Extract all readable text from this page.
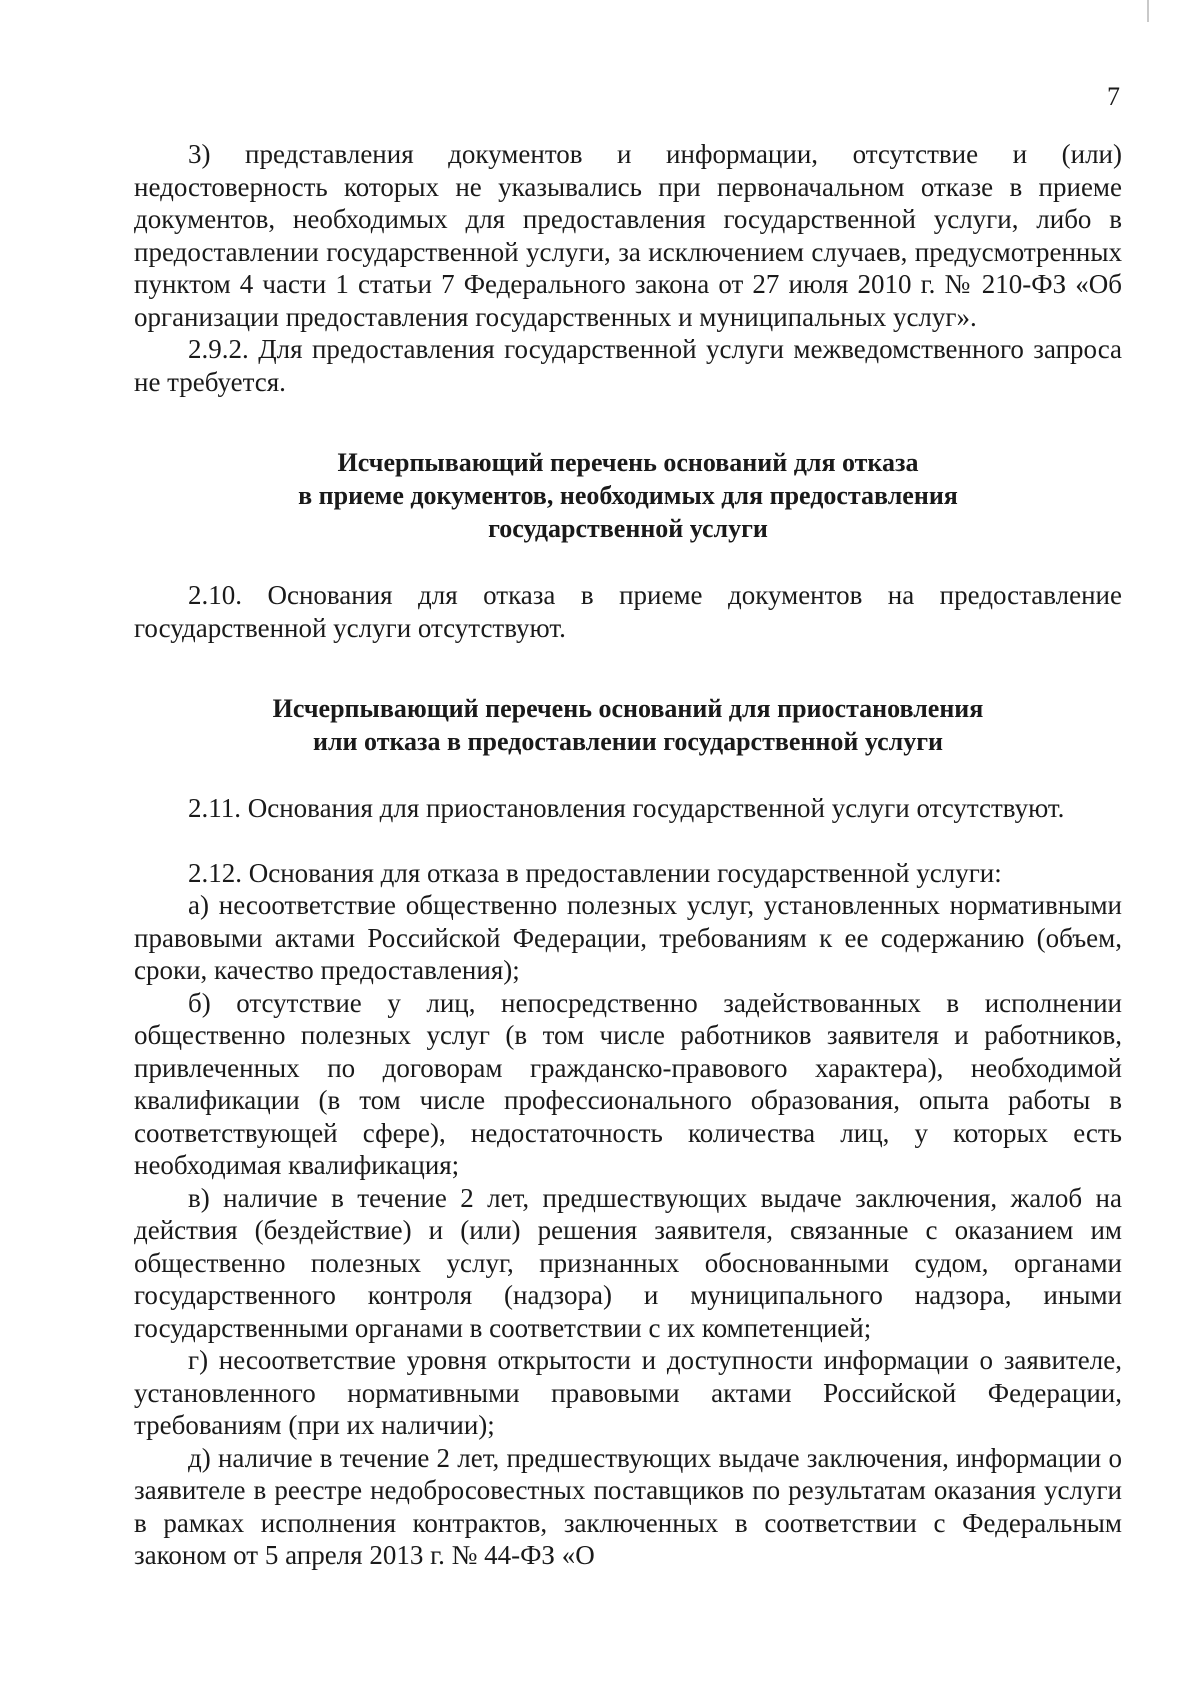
7

3) представления документов и информации, отсутствие и (или) недостоверность которых не указывались при первоначальном отказе в приеме документов, необходимых для предоставления государственной услуги, либо в предоставлении государственной услуги, за исключением случаев, предусмотренных пунктом 4 части 1 статьи 7 Федерального закона от 27 июля 2010 г. № 210-ФЗ «Об организации предоставления государственных и муниципальных услуг».

2.9.2. Для предоставления государственной услуги межведомственного запроса не требуется.

Исчерпывающий перечень оснований для отказа
в приеме документов, необходимых для предоставления
государственной услуги

2.10. Основания для отказа в приеме документов на предоставление государственной услуги отсутствуют.

Исчерпывающий перечень оснований для приостановления
или отказа в предоставлении государственной услуги

2.11. Основания для приостановления государственной услуги отсутствуют.

2.12. Основания для отказа в предоставлении государственной услуги:

а) несоответствие общественно полезных услуг, установленных нормативными правовыми актами Российской Федерации, требованиям к ее содержанию (объем, сроки, качество предоставления);

б) отсутствие у лиц, непосредственно задействованных в исполнении общественно полезных услуг (в том числе работников заявителя и работников, привлеченных по договорам гражданско-правового характера), необходимой квалификации (в том числе профессионального образования, опыта работы в соответствующей сфере), недостаточность количества лиц, у которых есть необходимая квалификация;

в) наличие в течение 2 лет, предшествующих выдаче заключения, жалоб на действия (бездействие) и (или) решения заявителя, связанные с оказанием им общественно полезных услуг, признанных обоснованными судом, органами государственного контроля (надзора) и муниципального надзора, иными государственными органами в соответствии с их компетенцией;

г) несоответствие уровня открытости и доступности информации о заявителе, установленного нормативными правовыми актами Российской Федерации, требованиям (при их наличии);

д) наличие в течение 2 лет, предшествующих выдаче заключения, информации о заявителе в реестре недобросовестных поставщиков по результатам оказания услуги в рамках исполнения контрактов, заключенных в соответствии с Федеральным законом от 5 апреля 2013 г. № 44-ФЗ «О
